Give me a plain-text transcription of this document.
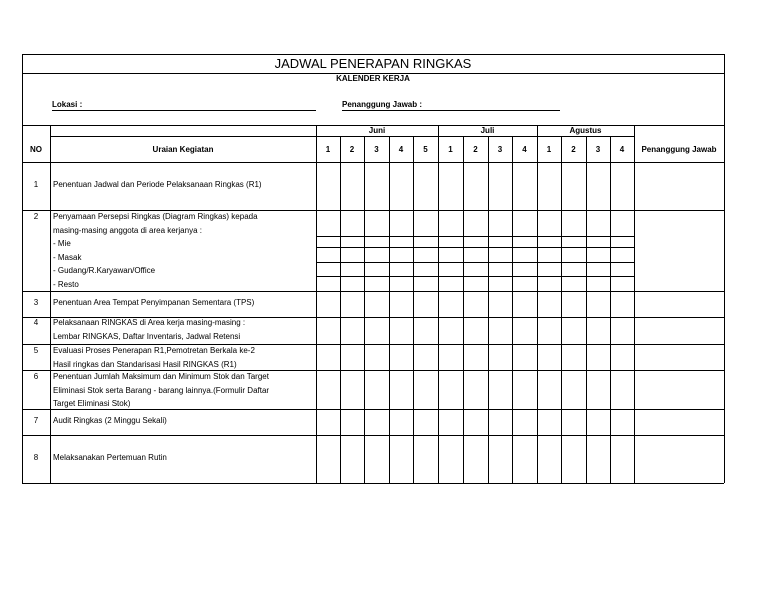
JADWAL PENERAPAN RINGKAS
KALENDER KERJA
Lokasi :	Penanggung Jawab :
Juni	Juli	Agustus
NO	Uraian Kegiatan	1	2	3	4	5	1	2	3	4	1	2	3	4	Penanggung Jawab
1	Penentuan Jadwal dan Periode Pelaksanaan Ringkas (R1)
2	Penyamaan Persepsi Ringkas (Diagram Ringkas) kepada
masing-masing anggota di area kerjanya :
- Mie
- Masak
- Gudang/R.Karyawan/Office
- Resto
3	Penentuan Area Tempat Penyimpanan Sementara (TPS)
4	Pelaksanaan RINGKAS di Area kerja masing-masing :
Lembar RINGKAS, Daftar Inventaris, Jadwal Retensi
5	Evaluasi Proses Penerapan R1,Pemotretan Berkala ke-2
Hasil ringkas dan Standarisasi Hasil RINGKAS (R1)
6	Penentuan Jumlah Maksimum dan Minimum Stok dan Target
Eliminasi Stok serta Barang - barang lainnya.(Formulir Daftar
Target Eliminasi Stok)
7	Audit Ringkas (2 Minggu Sekali)
8	Melaksanakan Pertemuan Rutin
